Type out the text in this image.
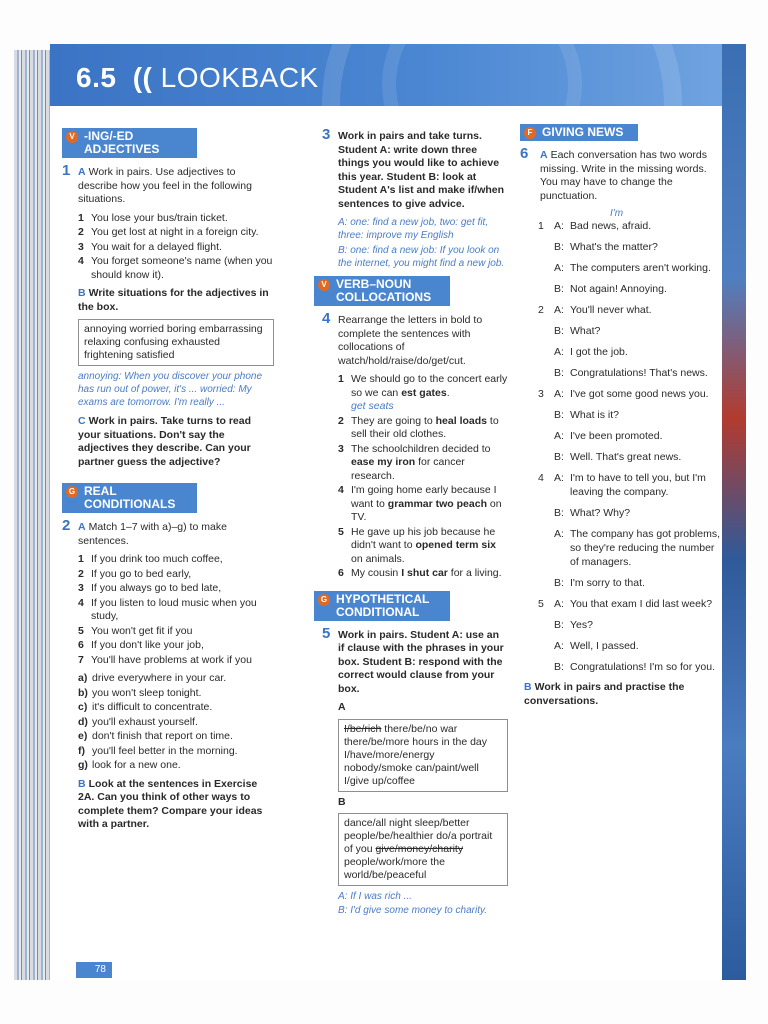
6.5 (( LOOKBACK
V -ING/-ED ADJECTIVES
1 A Work in pairs. Use adjectives to describe how you feel in the following situations.
1 You lose your bus/train ticket.
2 You get lost at night in a foreign city.
3 You wait for a delayed flight.
4 You forget someone's name (when you should know it).
B Write situations for the adjectives in the box.
annoying worried boring embarrassing relaxing confusing exhausted frightening satisfied
annoying: When you discover your phone has run out of power, it's ... worried: My exams are tomorrow. I'm really ...
C Work in pairs. Take turns to read your situations. Don't say the adjectives they describe. Can your partner guess the adjective?
G REAL CONDITIONALS
2 A Match 1–7 with a)–g) to make sentences.
1 If you drink too much coffee,
2 If you go to bed early,
3 If you always go to bed late,
4 If you listen to loud music when you study,
5 You won't get fit if you
6 If you don't like your job,
7 You'll have problems at work if you
a) drive everywhere in your car.
b) you won't sleep tonight.
c) it's difficult to concentrate.
d) you'll exhaust yourself.
e) don't finish that report on time.
f) you'll feel better in the morning.
g) look for a new one.
B Look at the sentences in Exercise 2A. Can you think of other ways to complete them? Compare your ideas with a partner.
3 Work in pairs and take turns. Student A: write down three things you would like to achieve this year. Student B: look at Student A's list and make if/when sentences to give advice.
A: one: find a new job, two: get fit, three: improve my English
B: one: find a new job: If you look on the internet, you might find a new job.
V VERB–NOUN COLLOCATIONS
4 Rearrange the letters in bold to complete the sentences with collocations of watch/hold/raise/do/get/cut.
1 We should go to the concert early so we can est gates.
get seats
2 They are going to heal loads to sell their old clothes.
3 The schoolchildren decided to ease my iron for cancer research.
4 I'm going home early because I want to grammar two peach on TV.
5 He gave up his job because he didn't want to opened term six on animals.
6 My cousin I shut car for a living.
G HYPOTHETICAL CONDITIONAL
5 Work in pairs. Student A: use an if clause with the phrases in your box. Student B: respond with the correct would clause from your box.
A
I/be/rich there/be/no war there/be/more hours in the day I/have/more/energy nobody/smoke can/paint/well I/give up/coffee
B
dance/all night sleep/better people/be/healthier do/a portrait of you give/money/charity people/work/more the world/be/peaceful
A: If I was rich ...
B: I'd give some money to charity.
F GIVING NEWS
6 A Each conversation has two words missing. Write in the missing words. You may have to change the punctuation.
I'm
1 A: Bad news, afraid.
B: What's the matter?
A: The computers aren't working.
B: Not again! Annoying.
2 A: You'll never what.
B: What?
A: I got the job.
B: Congratulations! That's news.
3 A: I've got some good news you.
B: What is it?
A: I've been promoted.
B: Well. That's great news.
4 A: I'm to have to tell you, but I'm leaving the company.
B: What? Why?
A: The company has got problems, so they're reducing the number of managers.
B: I'm sorry to that.
5 A: You that exam I did last week?
B: Yes?
A: Well, I passed.
B: Congratulations! I'm so for you.
B Work in pairs and practise the conversations.
78
